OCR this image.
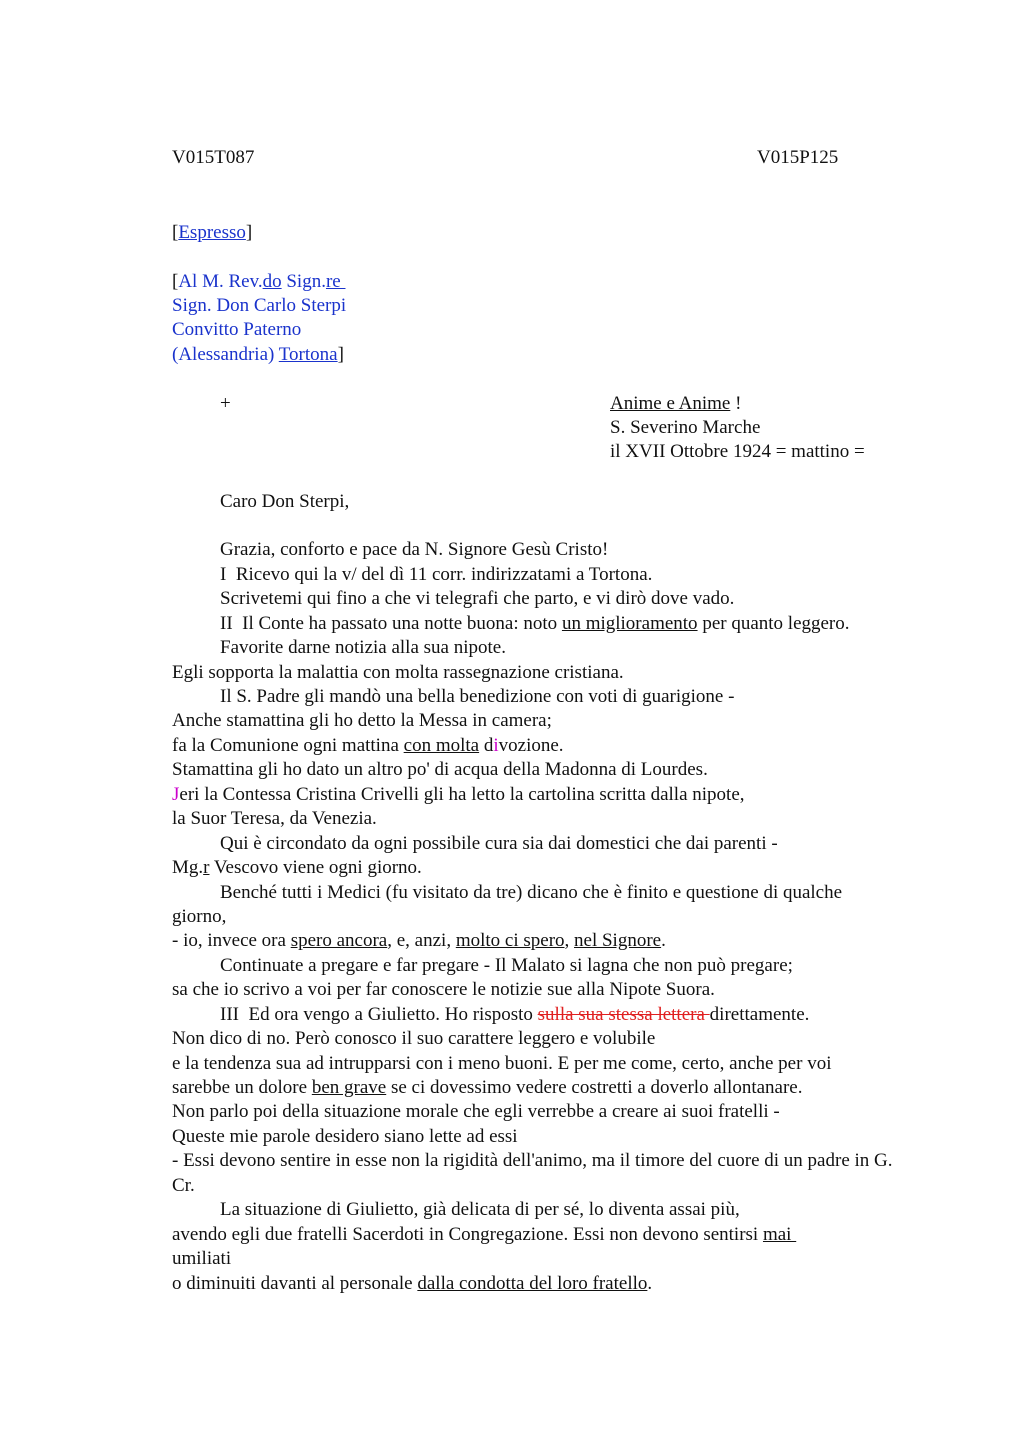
V015T087	V015P125
[Espresso]
[Al M. Rev.do Sign.re
Sign. Don Carlo Sterpi
Convitto Paterno
(Alessandria) Tortona]
+	Anime e Anime !
S. Severino Marche
il XVII Ottobre 1924 = mattino =
Caro Don Sterpi,
Grazia, conforto e pace da N. Signore Gesù Cristo!
I  Ricevo qui la v/ del dì 11 corr. indirizzatami a Tortona.
Scrivetemi qui fino a che vi telegrafi che parto, e vi dirò dove vado.
II  Il Conte ha passato una notte buona: noto un miglioramento per quanto leggero.
Favorite darne notizia alla sua nipote.
Egli sopporta la malattia con molta rassegnazione cristiana.
Il S. Padre gli mandò una bella benedizione con voti di guarigione -
Anche stamattina gli ho detto la Messa in camera;
fa la Comunione ogni mattina con molta divozione.
Stamattina gli ho dato un altro po' di acqua della Madonna di Lourdes.
Jeri la Contessa Cristina Crivelli gli ha letto la cartolina scritta dalla nipote,
la Suor Teresa, da Venezia.
Qui è circondato da ogni possibile cura sia dai domestici che dai parenti -
Mg.r Vescovo viene ogni giorno.
Benché tutti i Medici (fu visitato da tre) dicano che è finito e questione di qualche
giorno,
- io, invece ora spero ancora, e, anzi, molto ci spero, nel Signore.
Continuate a pregare e far pregare - Il Malato si lagna che non può pregare;
sa che io scrivo a voi per far conoscere le notizie sue alla Nipote Suora.
III  Ed ora vengo a Giulietto. Ho risposto sulla sua stessa lettera direttamente.
Non dico di no. Però conosco il suo carattere leggero e volubile
e la tendenza sua ad intrupparsi con i meno buoni. E per me come, certo, anche per voi
sarebbe un dolore ben grave se ci dovessimo vedere costretti a doverlo allontanare.
Non parlo poi della situazione morale che egli verrebbe a creare ai suoi fratelli -
Queste mie parole desidero siano lette ad essi
- Essi devono sentire in esse non la rigidità dell'animo, ma il timore del cuore di un padre in G.
Cr.
La situazione di Giulietto, già delicata di per sé, lo diventa assai più,
avendo egli due fratelli Sacerdoti in Congregazione. Essi non devono sentirsi mai
umiliati
o diminuiti davanti al personale dalla condotta del loro fratello.
